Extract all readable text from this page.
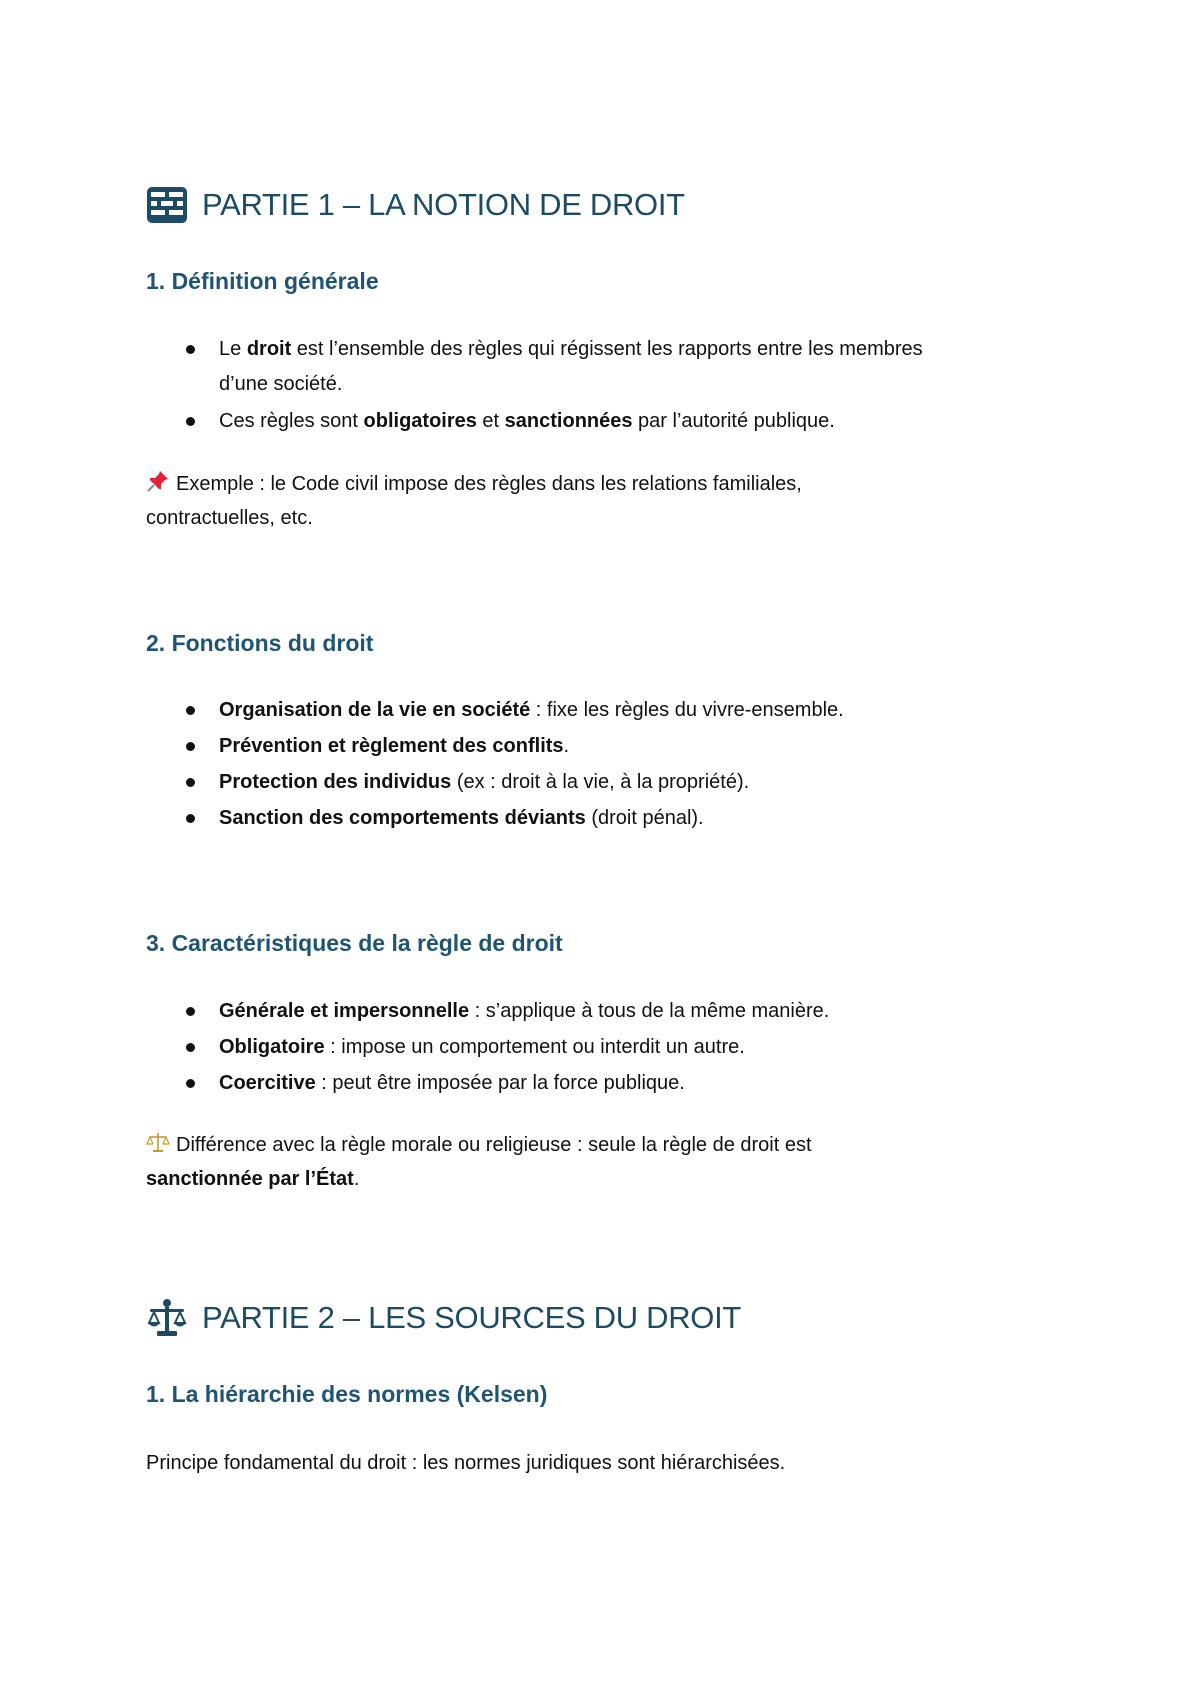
PARTIE 1 – LA NOTION DE DROIT
1. Définition générale
Le droit est l’ensemble des règles qui régissent les rapports entre les membres
d’une société.
Ces règles sont obligatoires et sanctionnées par l’autorité publique.
Exemple : le Code civil impose des règles dans les relations familiales,
contractuelles, etc.
2. Fonctions du droit
Organisation de la vie en société : fixe les règles du vivre-ensemble.
Prévention et règlement des conflits.
Protection des individus (ex : droit à la vie, à la propriété).
Sanction des comportements déviants (droit pénal).
3. Caractéristiques de la règle de droit
Générale et impersonnelle : s’applique à tous de la même manière.
Obligatoire : impose un comportement ou interdit un autre.
Coercitive : peut être imposée par la force publique.
Différence avec la règle morale ou religieuse : seule la règle de droit est
sanctionnée par l’État.
PARTIE 2 – LES SOURCES DU DROIT
1. La hiérarchie des normes (Kelsen)
Principe fondamental du droit : les normes juridiques sont hiérarchisées.
